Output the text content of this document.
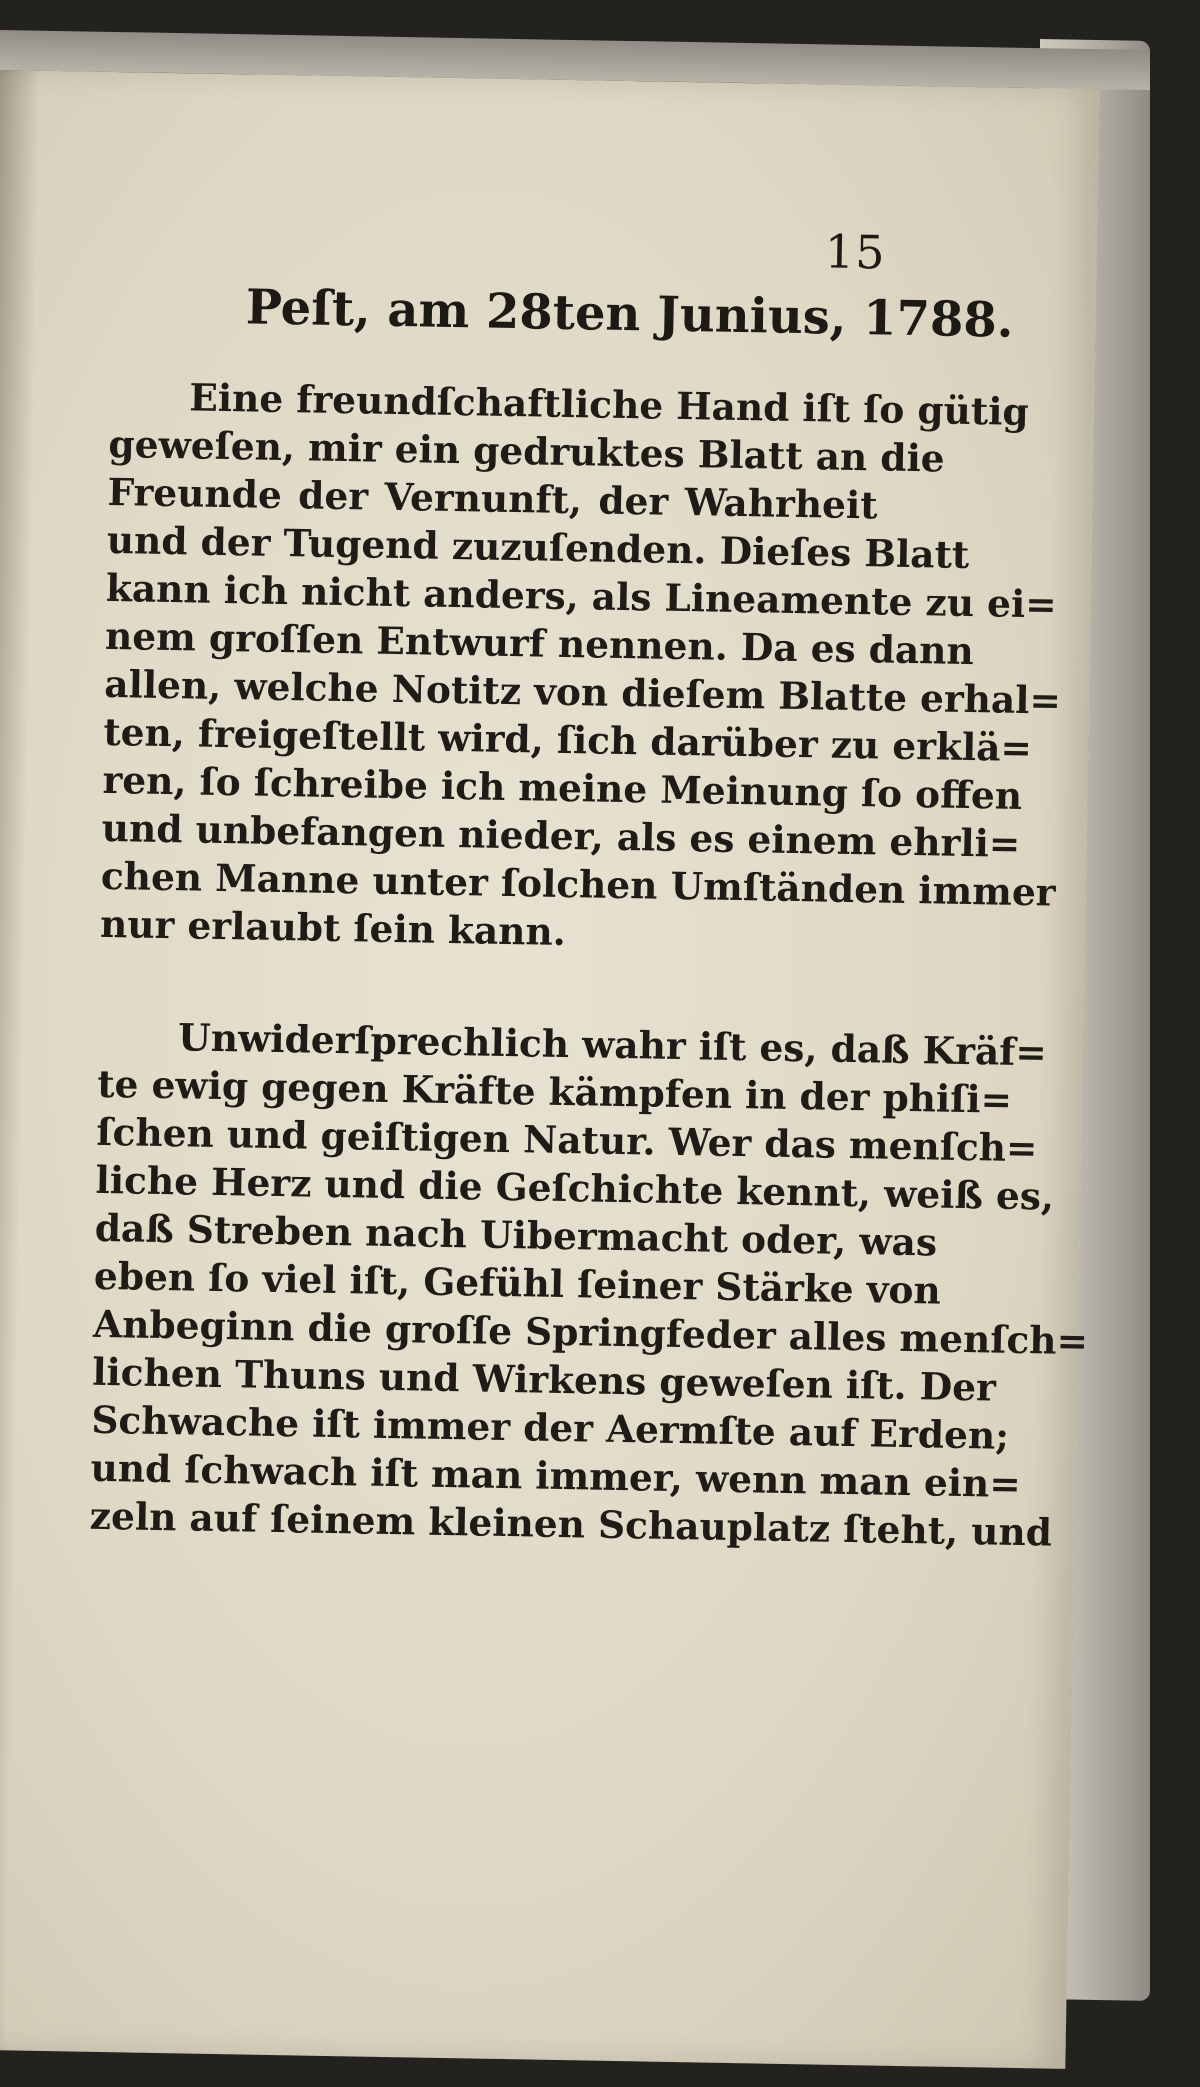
15
Peſt, am 28ten Junius, 1788.
Eine freundſchaftliche Hand iſt ſo gütig
geweſen, mir ein gedruktes Blatt an die
Freunde der Vernunft, der Wahrheit
und der Tugend zuzuſenden. Dieſes Blatt
kann ich nicht anders, als Lineamente zu ei=
nem groſſen Entwurf nennen. Da es dann
allen, welche Notitz von dieſem Blatte erhal=
ten, freigeſtellt wird, ſich darüber zu erklä=
ren, ſo ſchreibe ich meine Meinung ſo offen
und unbefangen nieder, als es einem ehrli=
chen Manne unter ſolchen Umſtänden immer
nur erlaubt ſein kann.
Unwiderſprechlich wahr iſt es, daß Kräf=
te ewig gegen Kräfte kämpfen in der phiſi=
ſchen und geiſtigen Natur. Wer das menſch=
liche Herz und die Geſchichte kennt, weiß es,
daß Streben nach Uibermacht oder, was
eben ſo viel iſt, Gefühl ſeiner Stärke von
Anbeginn die groſſe Springfeder alles menſch=
lichen Thuns und Wirkens geweſen iſt. Der
Schwache iſt immer der Aermſte auf Erden;
und ſchwach iſt man immer, wenn man ein=
zeln auf ſeinem kleinen Schauplatz ſteht, und
